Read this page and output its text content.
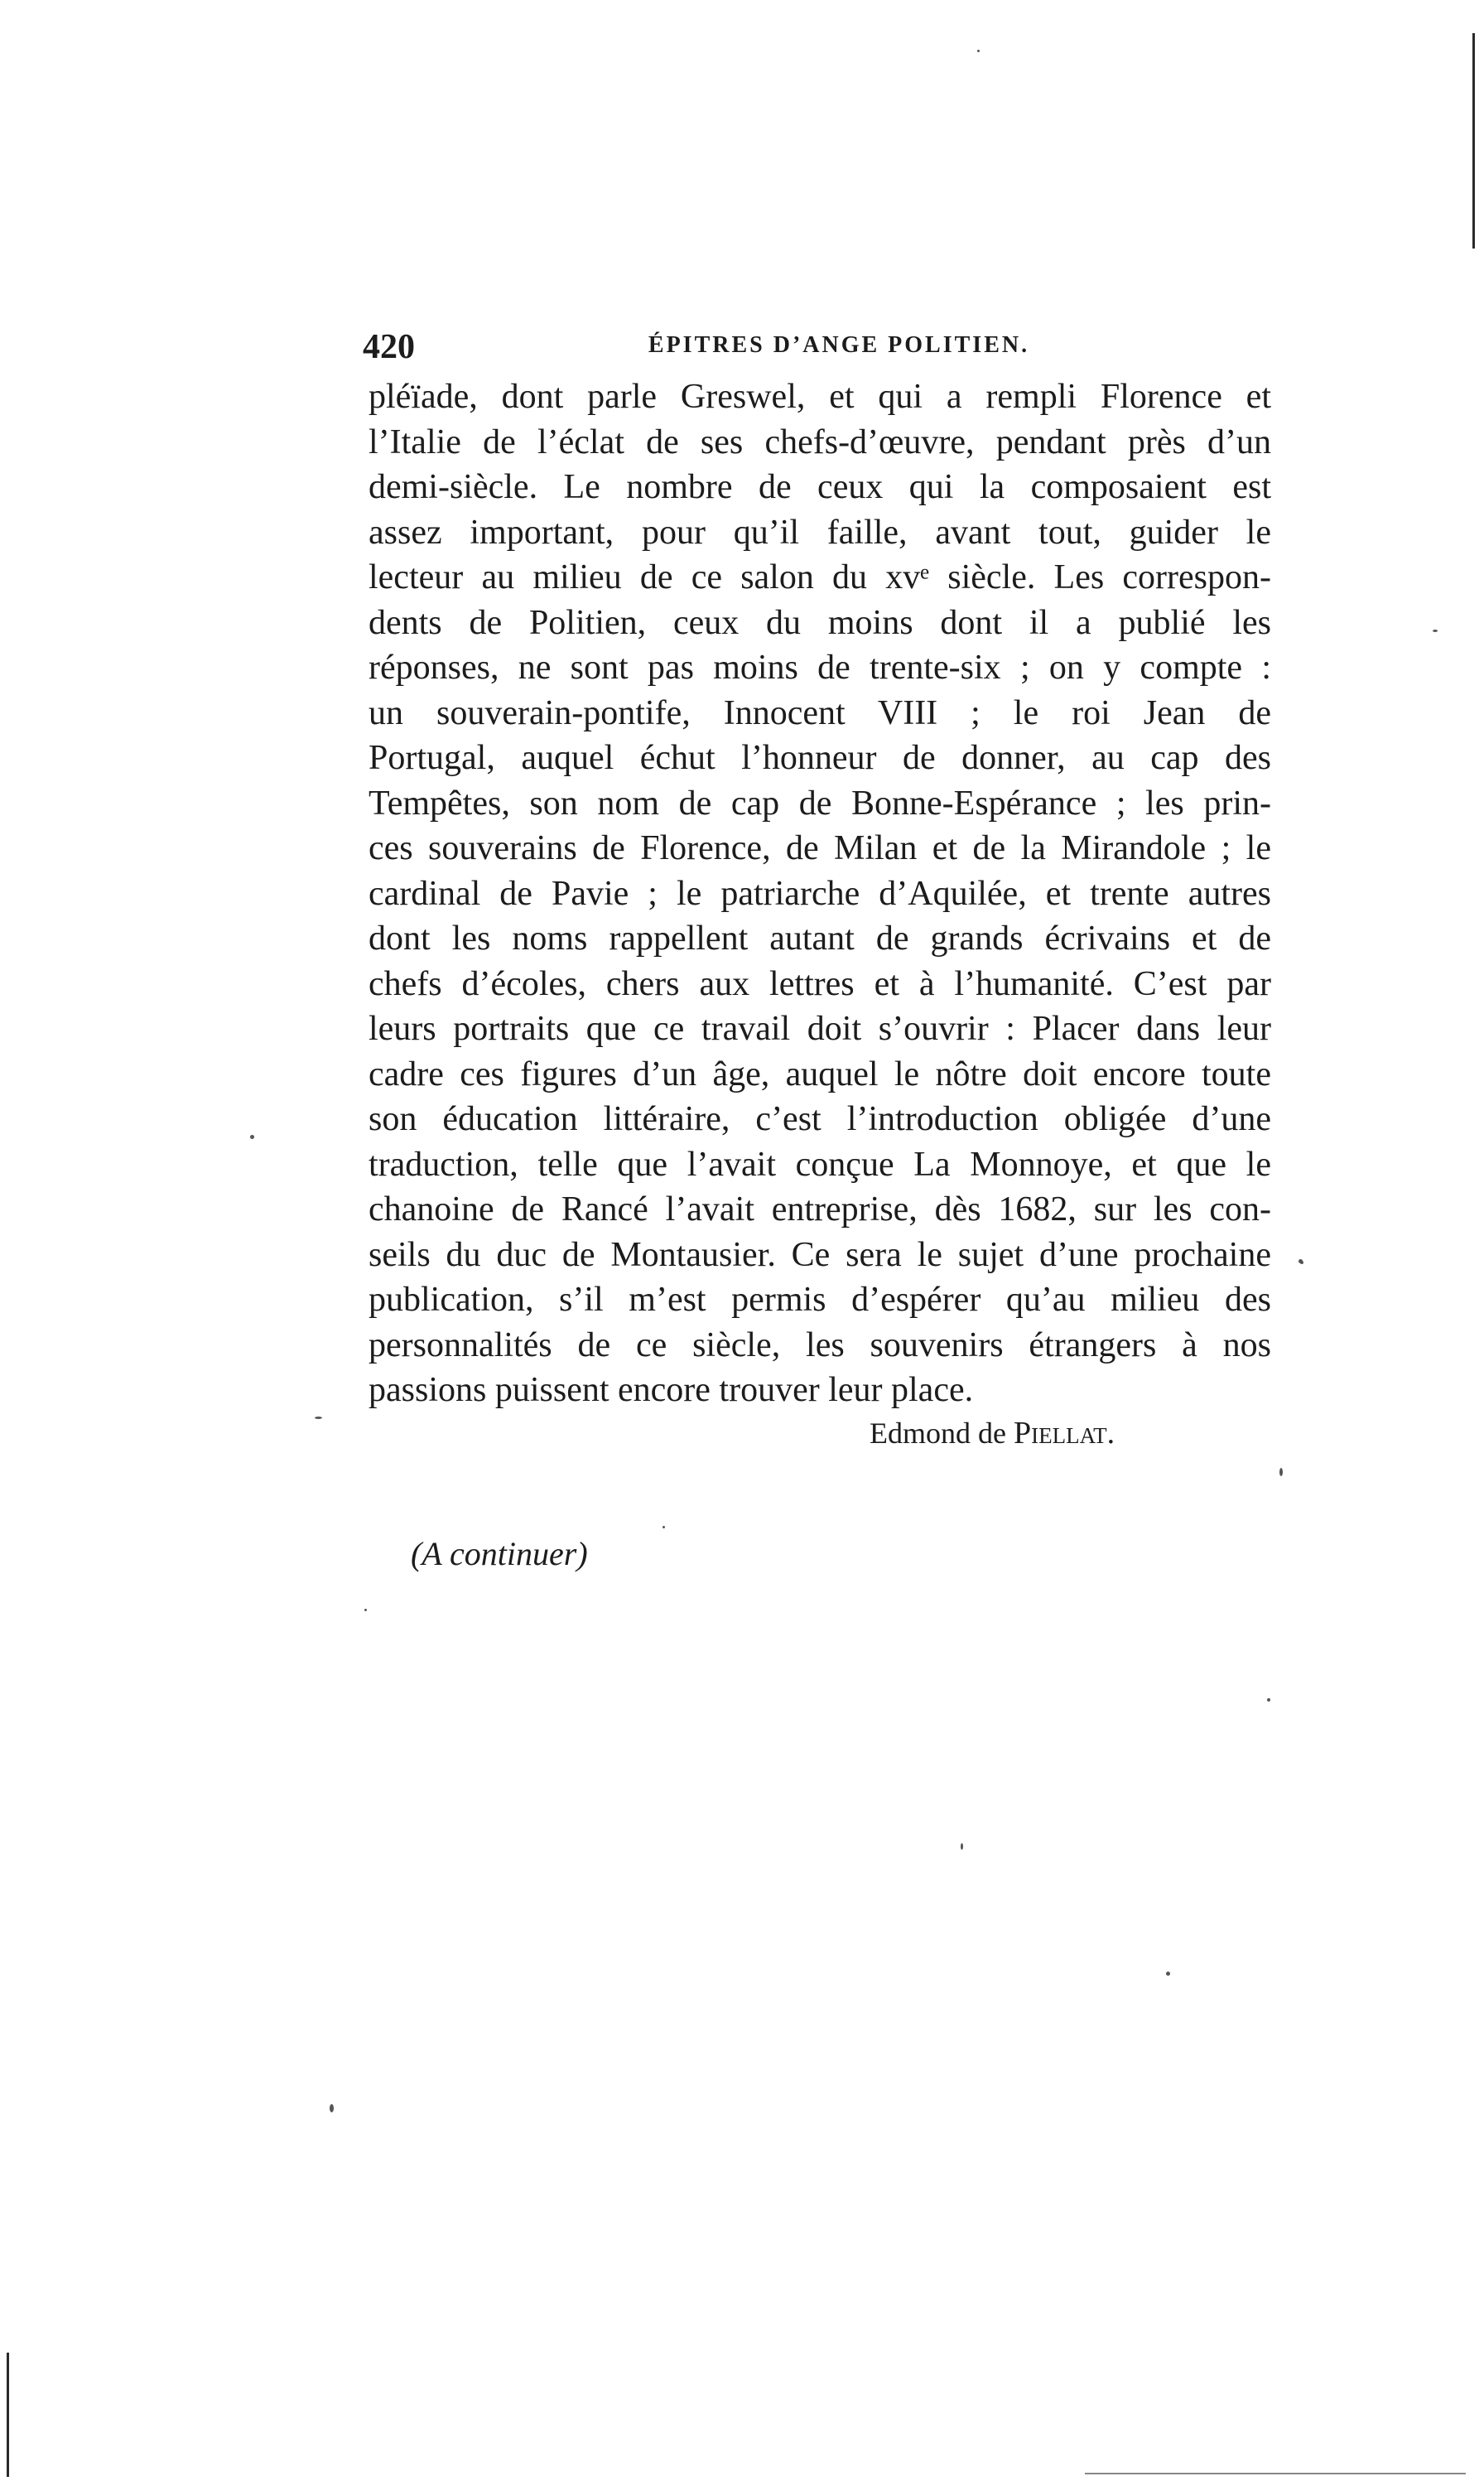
420	ÉPITRES D’ANGE POLITIEN.
pléïade, dont parle Greswel, et qui a rempli Florence et
l’Italie de l’éclat de ses chefs-d’œuvre, pendant près d’un
demi-siècle. Le nombre de ceux qui la composaient est
assez important, pour qu’il faille, avant tout, guider le
lecteur au milieu de ce salon du xvᵉ siècle. Les correspon-
dents de Politien, ceux du moins dont il a publié les
réponses, ne sont pas moins de trente-six ; on y compte :
un souverain-pontife, Innocent VIII ; le roi Jean de
Portugal, auquel échut l’honneur de donner, au cap des
Tempêtes, son nom de cap de Bonne-Espérance ; les prin-
ces souverains de Florence, de Milan et de la Mirandole ; le
cardinal de Pavie ; le patriarche d’Aquilée, et trente autres
dont les noms rappellent autant de grands écrivains et de
chefs d’écoles, chers aux lettres et à l’humanité. C’est par
leurs portraits que ce travail doit s’ouvrir : Placer dans leur
cadre ces figures d’un âge, auquel le nôtre doit encore toute
son éducation littéraire, c’est l’introduction obligée d’une
traduction, telle que l’avait conçue La Monnoye, et que le
chanoine de Rancé l’avait entreprise, dès 1682, sur les con-
seils du duc de Montausier. Ce sera le sujet d’une prochaine
publication, s’il m’est permis d’espérer qu’au milieu des
personnalités de ce siècle, les souvenirs étrangers à nos
passions puissent encore trouver leur place.
Edmond de Piellat.
(A continuer)
